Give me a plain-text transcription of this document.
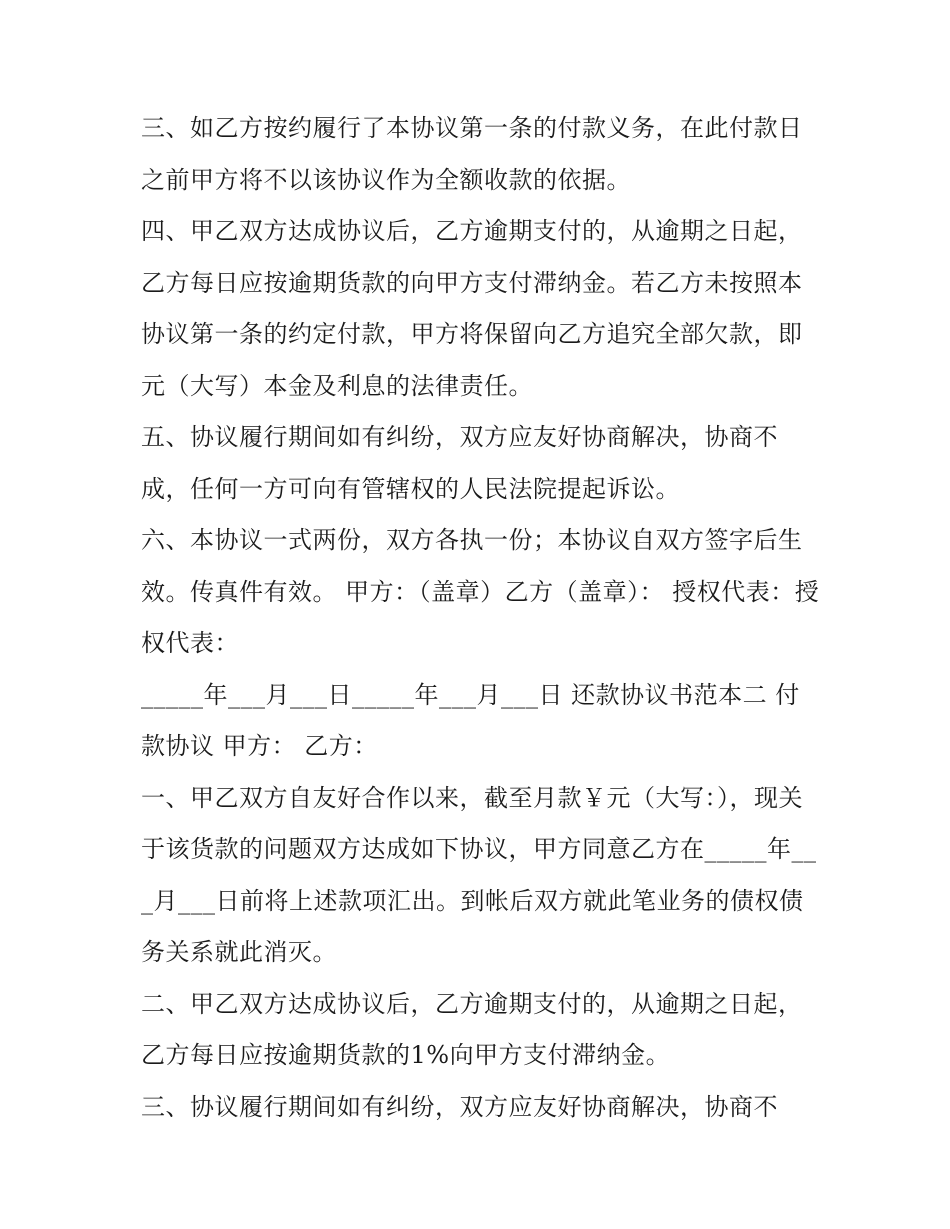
三、如乙方按约履行了本协议第一条的付款义务，在此付款日之前甲方将不以该协议作为全额收款的依据。

四、甲乙双方达成协议后，乙方逾期支付的，从逾期之日起，乙方每日应按逾期货款的向甲方支付滞纳金。若乙方未按照本协议第一条的约定付款，甲方将保留向乙方追究全部欠款，即元（大写）本金及利息的法律责任。

五、协议履行期间如有纠纷，双方应友好协商解决，协商不成，任何一方可向有管辖权的人民法院提起诉讼。

六、本协议一式两份，双方各执一份；本协议自双方签字后生效。传真件有效。 甲方：（盖章）乙方（盖章）： 授权代表：授权代表：

_____年___月___日_____年___月___日 还款协议书范本二 付款协议 甲方： 乙方：

一、甲乙双方自友好合作以来，截至月款￥元（大写：），现关于该货款的问题双方达成如下协议，甲方同意乙方在_____年___月___日前将上述款项汇出。到帐后双方就此笔业务的债权债务关系就此消灭。

二、甲乙双方达成协议后，乙方逾期支付的，从逾期之日起，乙方每日应按逾期货款的1%向甲方支付滞纳金。

三、协议履行期间如有纠纷，双方应友好协商解决，协商不
